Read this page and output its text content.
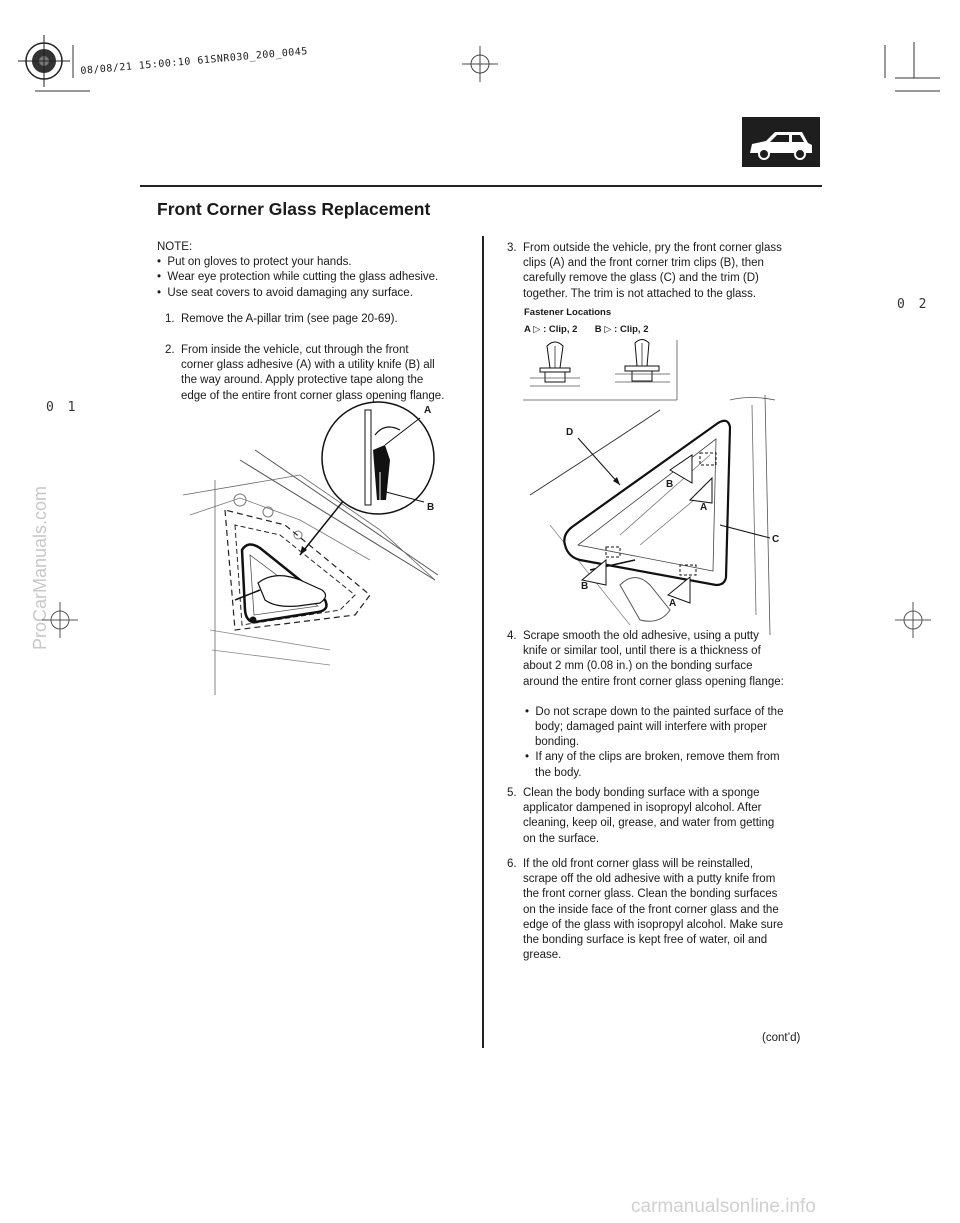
08/08/21 15:00:10 61SNR030_200_0045
Front Corner Glass Replacement
0 2
0 1
NOTE:
•  Put on gloves to protect your hands.
•  Wear eye protection while cutting the glass adhesive.
•  Use seat covers to avoid damaging any surface.
1. Remove the A-pillar trim (see page 20-69).
2. From inside the vehicle, cut through the front
corner glass adhesive (A) with a utility knife (B) all
the way around. Apply protective tape along the
edge of the entire front corner glass opening flange.
A
B
3. From outside the vehicle, pry the front corner glass
clips (A) and the front corner trim clips (B), then
carefully remove the glass (C) and the trim (D)
together. The trim is not attached to the glass.
Fastener Locations
A ▷ : Clip, 2 B ▷ : Clip, 2
D
B
A
C
B
A
4. Scrape smooth the old adhesive, using a putty
knife or similar tool, until there is a thickness of
about 2 mm (0.08 in.) on the bonding surface
around the entire front corner glass opening flange:
•  Do not scrape down to the painted surface of the
body; damaged paint will interfere with proper
bonding.
•  If any of the clips are broken, remove them from
the body.
5. Clean the body bonding surface with a sponge
applicator dampened in isopropyl alcohol. After
cleaning, keep oil, grease, and water from getting
on the surface.
6. If the old front corner glass will be reinstalled,
scrape off the old adhesive with a putty knife from
the front corner glass. Clean the bonding surfaces
on the inside face of the front corner glass and the
edge of the glass with isopropyl alcohol. Make sure
the bonding surface is kept free of water, oil and
grease.
(cont’d)
ProCarManuals.com
carmanualsonline.info
